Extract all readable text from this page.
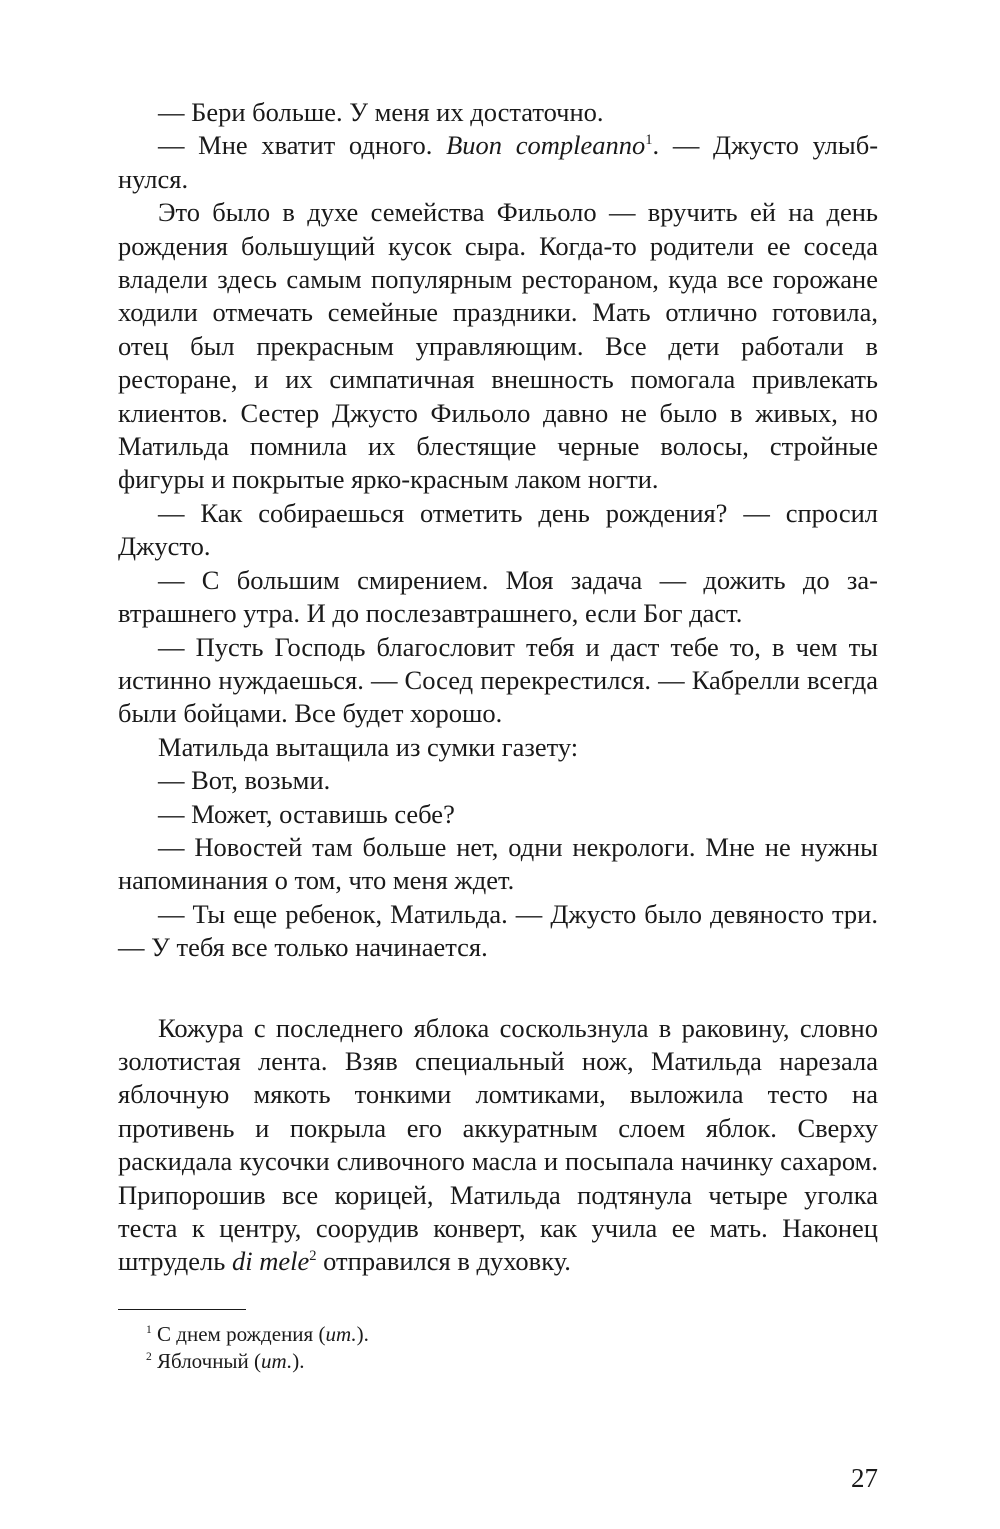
— Бери больше. У меня их достаточно.

— Мне хватит одного. Buon compleanno$^1$. — Джусто улыбнулся.

Это было в духе семейства Фильоло — вручить ей на день рождения большущий кусок сыра. Когда-то родители ее соседа владели здесь самым популярным рестораном, куда все горожане ходили отмечать семейные праздники. Мать отлично готовила, отец был прекрасным управляющим. Все дети работали в ресторане, и их симпатичная внешность помогала привлекать клиентов. Сестер Джусто Фильоло давно не было в живых, но Матильда помнила их блестящие черные волосы, стройные фигуры и покрытые ярко-красным лаком ногти.

— Как собираешься отметить день рождения? — спросил Джусто.

— С большим смирением. Моя задача — дожить до завтрашнего утра. И до послезавтрашнего, если Бог даст.

— Пусть Господь благословит тебя и даст тебе то, в чем ты истинно нуждаешься. — Сосед перекрестился. — Кабрелли всегда были бойцами. Все будет хорошо.

Матильда вытащила из сумки газету:

— Вот, возьми.

— Может, оставишь себе?

— Новостей там больше нет, одни некрологи. Мне не нужны напоминания о том, что меня ждет.

— Ты еще ребенок, Матильда. — Джусто было девяносто три. — У тебя все только начинается.

Кожура с последнего яблока соскользнула в раковину, словно золотистая лента. Взяв специальный нож, Матильда нарезала яблочную мякоть тонкими ломтиками, выложила тесто на противень и покрыла его аккуратным слоем яблок. Сверху раскидала кусочки сливочного масла и посыпала начинку сахаром. Припорошив все корицей, Матильда подтянула четыре уголка теста к центру, соорудив конверт, как учила ее мать. Наконец штрудель di mele$^2$ отправился в духовку.

$^1$ С днем рождения (ит.).

$^2$ Яблочный (ит.).

27
